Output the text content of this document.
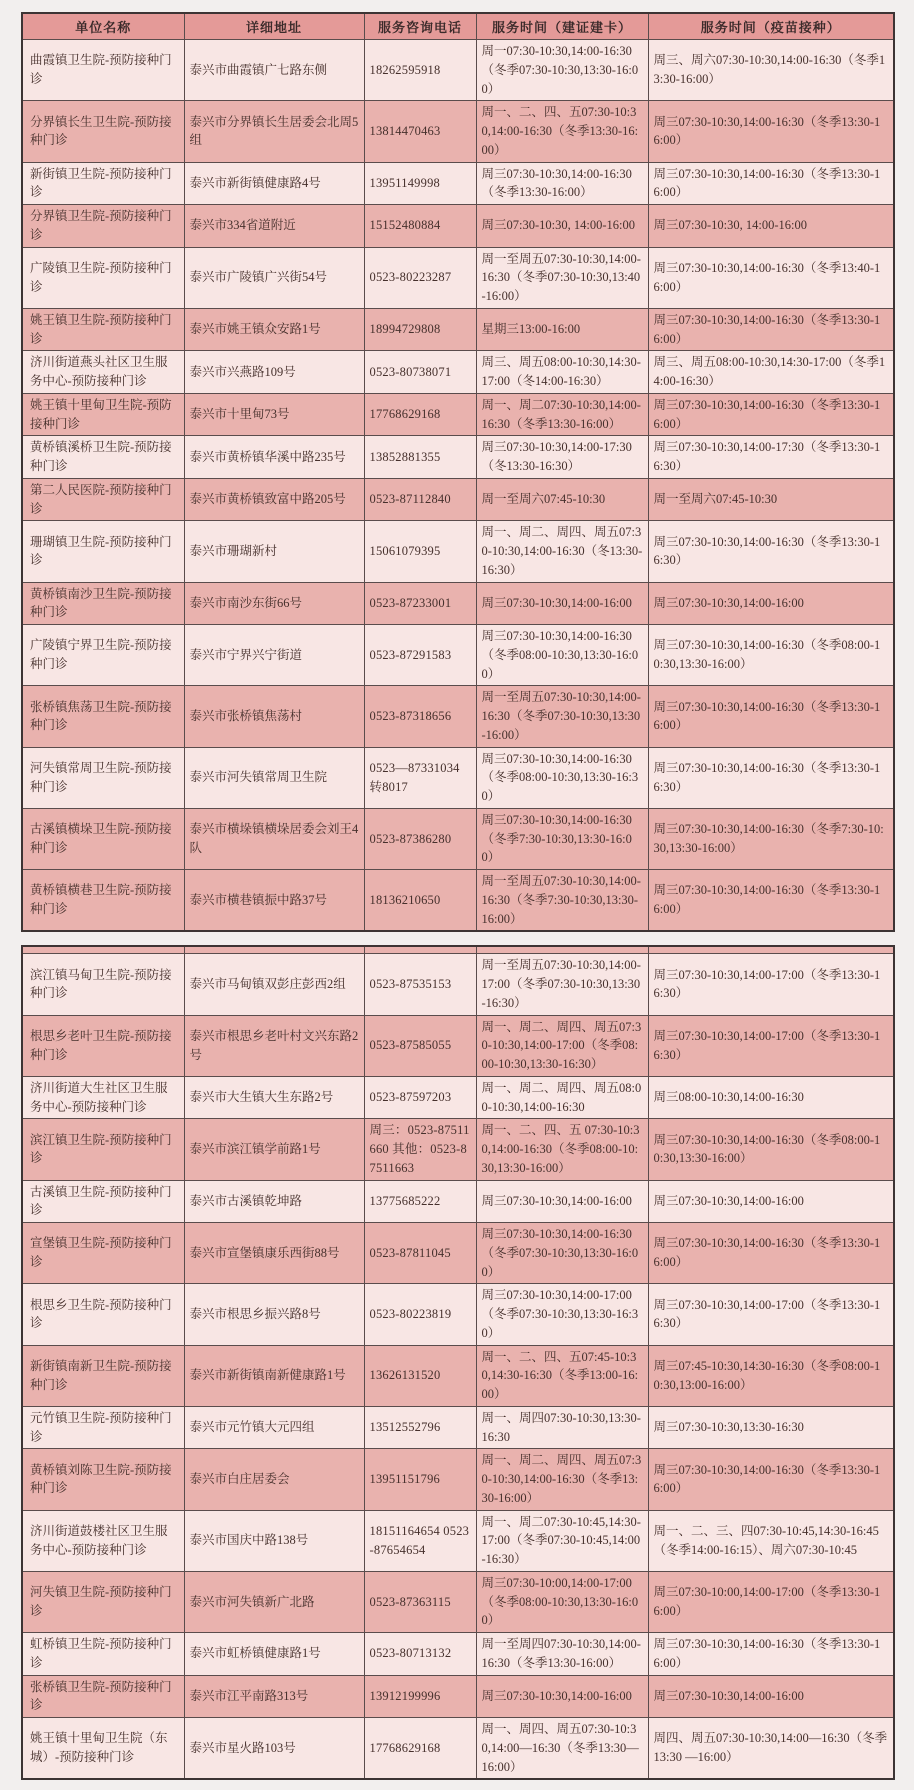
单位名称	详细地址	服务咨询电话	服务时间（建证建卡）	服务时间（疫苗接种）
曲霞镇卫生院-预防接种门诊	泰兴市曲霞镇广七路东侧	18262595918	周一07:30-10:30,14:00-16:30（冬季07:30-10:30,13:30-16:00）	周三、周六07:30-10:30,14:00-16:30（冬季13:30-16:00）
分界镇长生卫生院-预防接种门诊	泰兴市分界镇长生居委会北周5组	13814470463	周一、二、四、五07:30-10:30,14:00-16:30（冬季13:30-16:00）	周三07:30-10:30,14:00-16:30（冬季13:30-16:00）
新街镇卫生院-预防接种门诊	泰兴市新街镇健康路4号	13951149998	周三07:30-10:30,14:00-16:30（冬季13:30-16:00）	周三07:30-10:30,14:00-16:30（冬季13:30-16:00）
分界镇卫生院-预防接种门诊	泰兴市334省道附近	15152480884	周三07:30-10:30, 14:00-16:00	周三07:30-10:30, 14:00-16:00
广陵镇卫生院-预防接种门诊	泰兴市广陵镇广兴街54号	0523-80223287	周一至周五07:30-10:30,14:00-16:30（冬季07:30-10:30,13:40-16:00）	周三07:30-10:30,14:00-16:30（冬季13:40-16:00）
姚王镇卫生院-预防接种门诊	泰兴市姚王镇众安路1号	18994729808	星期三13:00-16:00	周三07:30-10:30,14:00-16:30（冬季13:30-16:00）
济川街道燕头社区卫生服务中心-预防接种门诊	泰兴市兴燕路109号	0523-80738071	周三、周五08:00-10:30,14:30-17:00（冬14:00-16:30）	周三、周五08:00-10:30,14:30-17:00（冬季14:00-16:30）
姚王镇十里甸卫生院-预防接种门诊	泰兴市十里甸73号	17768629168	周一、周二07:30-10:30,14:00-16:30（冬季13:30-16:00）	周三07:30-10:30,14:00-16:30（冬季13:30-16:00）
黄桥镇溪桥卫生院-预防接种门诊	泰兴市黄桥镇华溪中路235号	13852881355	周三07:30-10:30,14:00-17:30（冬13:30-16:30）	周三07:30-10:30,14:00-17:30（冬季13:30-16:30）
第二人民医院-预防接种门诊	泰兴市黄桥镇致富中路205号	0523-87112840	周一至周六07:45-10:30	周一至周六07:45-10:30
珊瑚镇卫生院-预防接种门诊	泰兴市珊瑚新村	15061079395	周一、周二、周四、周五07:30-10:30,14:00-16:30（冬13:30-16:30）	周三07:30-10:30,14:00-16:30（冬季13:30-16:30）
黄桥镇南沙卫生院-预防接种门诊	泰兴市南沙东街66号	0523-87233001	周三07:30-10:30,14:00-16:00	周三07:30-10:30,14:00-16:00
广陵镇宁界卫生院-预防接种门诊	泰兴市宁界兴宁街道	0523-87291583	周三07:30-10:30,14:00-16:30（冬季08:00-10:30,13:30-16:00）	周三07:30-10:30,14:00-16:30（冬季08:00-10:30,13:30-16:00）
张桥镇焦荡卫生院-预防接种门诊	泰兴市张桥镇焦荡村	0523-87318656	周一至周五07:30-10:30,14:00-16:30（冬季07:30-10:30,13:30-16:00）	周三07:30-10:30,14:00-16:30（冬季13:30-16:00）
河失镇常周卫生院-预防接种门诊	泰兴市河失镇常周卫生院	0523—87331034转8017	周三07:30-10:30,14:00-16:30（冬季08:00-10:30,13:30-16:30）	周三07:30-10:30,14:00-16:30（冬季13:30-16:30）
古溪镇横垛卫生院-预防接种门诊	泰兴市横垛镇横垛居委会刘王4队	0523-87386280	周三07:30-10:30,14:00-16:30（冬季7:30-10:30,13:30-16:00）	周三07:30-10:30,14:00-16:30（冬季7:30-10:30,13:30-16:00）
黄桥镇横巷卫生院-预防接种门诊	泰兴市横巷镇振中路37号	18136210650	周一至周五07:30-10:30,14:00-16:30（冬季7:30-10:30,13:30-16:00）	周三07:30-10:30,14:00-16:30（冬季13:30-16:00）

滨江镇马甸卫生院-预防接种门诊	泰兴市马甸镇双彭庄彭西2组	0523-87535153	周一至周五07:30-10:30,14:00-17:00（冬季07:30-10:30,13:30-16:30）	周三07:30-10:30,14:00-17:00（冬季13:30-16:30）
根思乡老叶卫生院-预防接种门诊	泰兴市根思乡老叶村文兴东路2号	0523-87585055	周一、周二、周四、周五07:30-10:30,14:00-17:00（冬季08:00-10:30,13:30-16:30）	周三07:30-10:30,14:00-17:00（冬季13:30-16:30）
济川街道大生社区卫生服务中心-预防接种门诊	泰兴市大生镇大生东路2号	0523-87597203	周一、周二、周四、周五08:00-10:30,14:00-16:30	周三08:00-10:30,14:00-16:30
滨江镇卫生院-预防接种门诊	泰兴市滨江镇学前路1号	周三：0523-87511660 其他：0523-87511663	周一、二、四、五 07:30-10:30,14:00-16:30（冬季08:00-10:30,13:30-16:00）	周三07:30-10:30,14:00-16:30（冬季08:00-10:30,13:30-16:00）
古溪镇卫生院-预防接种门诊	泰兴市古溪镇乾坤路	13775685222	周三07:30-10:30,14:00-16:00	周三07:30-10:30,14:00-16:00
宣堡镇卫生院-预防接种门诊	泰兴市宣堡镇康乐西街88号	0523-87811045	周三07:30-10:30,14:00-16:30（冬季07:30-10:30,13:30-16:00）	周三07:30-10:30,14:00-16:30（冬季13:30-16:00）
根思乡卫生院-预防接种门诊	泰兴市根思乡振兴路8号	0523-80223819	周三07:30-10:30,14:00-17:00（冬季07:30-10:30,13:30-16:30）	周三07:30-10:30,14:00-17:00（冬季13:30-16:30）
新街镇南新卫生院-预防接种门诊	泰兴市新街镇南新健康路1号	13626131520	周一、二、四、五07:45-10:30,14:30-16:30（冬季13:00-16:00）	周三07:45-10:30,14:30-16:30（冬季08:00-10:30,13:00-16:00）
元竹镇卫生院-预防接种门诊	泰兴市元竹镇大元四组	13512552796	周一、周四07:30-10:30,13:30-16:30	周三07:30-10:30,13:30-16:30
黄桥镇刘陈卫生院-预防接种门诊	泰兴市白庄居委会	13951151796	周一、周二、周四、周五07:30-10:30,14:00-16:30（冬季13:30-16:00）	周三07:30-10:30,14:00-16:30（冬季13:30-16:00）
济川街道鼓楼社区卫生服务中心-预防接种门诊	泰兴市国庆中路138号	18151164654 0523-87654654	周一、周二07:30-10:45,14:30-17:00（冬季07:30-10:45,14:00-16:30）	周一、二、三、四07:30-10:45,14:30-16:45（冬季14:00-16:15）、周六07:30-10:45
河失镇卫生院-预防接种门诊	泰兴市河失镇新广北路	0523-87363115	周三07:30-10:00,14:00-17:00（冬季08:00-10:30,13:30-16:00）	周三07:30-10:00,14:00-17:00（冬季13:30-16:00）
虹桥镇卫生院-预防接种门诊	泰兴市虹桥镇健康路1号	0523-80713132	周一至周四07:30-10:30,14:00-16:30（冬季13:30-16:00）	周三07:30-10:30,14:00-16:30（冬季13:30-16:00）
张桥镇卫生院-预防接种门诊	泰兴市江平南路313号	13912199996	周三07:30-10:30,14:00-16:00	周三07:30-10:30,14:00-16:00
姚王镇十里甸卫生院（东城）-预防接种门诊	泰兴市星火路103号	17768629168	周一、周四、周五07:30-10:30,14:00—16:30（冬季13:30—16:00）	周四、周五07:30-10:30,14:00—16:30（冬季13:30 —16:00）
